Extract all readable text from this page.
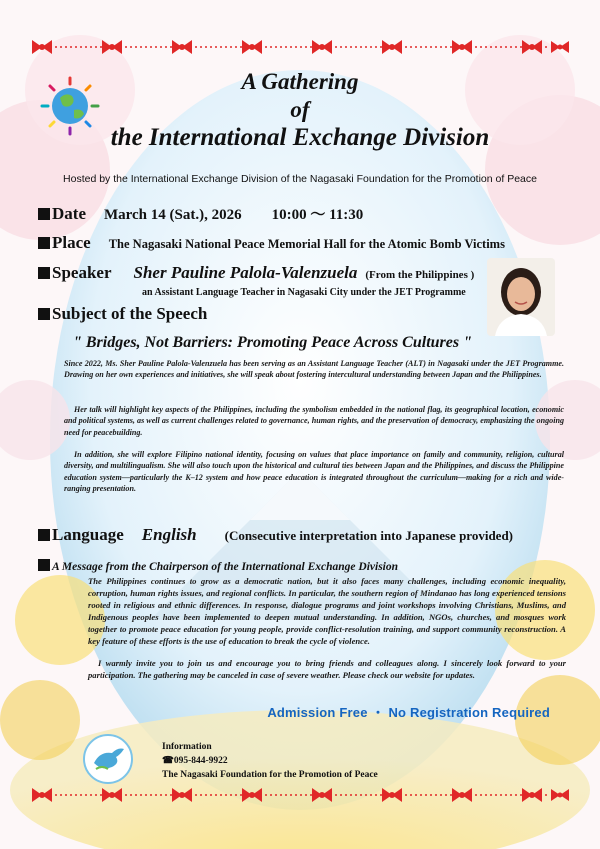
A Gathering
of
the International Exchange Division
Hosted by the International Exchange Division of the Nagasaki Foundation for the Promotion of Peace
Date March 14 (Sat.), 2026 10:00 〜 11:30
Place The Nagasaki National Peace Memorial Hall for the Atomic Bomb Victims
Speaker Sher Pauline Palola-Valenzuela (From the Philippines )
an Assistant Language Teacher in Nagasaki City under the JET Programme
Subject of the Speech
" Bridges, Not Barriers: Promoting Peace Across Cultures "
Since 2022, Ms. Sher Pauline Palola-Valenzuela has been serving as an Assistant Language Teacher (ALT) in Nagasaki under the JET Programme. Drawing on her own experiences and initiatives, she will speak about fostering intercultural understanding between Japan and the Philippines.
Her talk will highlight key aspects of the Philippines, including the symbolism embedded in the national flag, its geographical location, economic and political systems, as well as current challenges related to governance, human rights, and the preservation of democracy, emphasizing the ongoing need for peacebuilding.
In addition, she will explore Filipino national identity, focusing on values that place importance on family and community, religion, cultural diversity, and multilingualism. She will also touch upon the historical and cultural ties between Japan and the Philippines, and discuss the Philippine education system—particularly the K–12 system and how peace education is integrated throughout the curriculum—making for a rich and wide-ranging presentation.
Language English (Consecutive interpretation into Japanese provided)
A Message from the Chairperson of the International Exchange Division
The Philippines continues to grow as a democratic nation, but it also faces many challenges, including economic inequality, corruption, human rights issues, and regional conflicts. In particular, the southern region of Mindanao has long experienced tensions rooted in religious and ethnic differences. In response, dialogue programs and joint workshops involving Christians, Muslims, and Indigenous peoples have been implemented to deepen mutual understanding. In addition, NGOs, churches, and mosques work together to promote peace education for young people, provide conflict-resolution training, and support community reconstruction. A key feature of these efforts is the use of education to break the cycle of violence.
I warmly invite you to join us and encourage you to bring friends and colleagues along. I sincerely look forward to your participation. The gathering may be canceled in case of severe weather. Please check our website for updates.
Admission Free ・ No Registration Required
Information
☎095-844-9922
The Nagasaki Foundation for the Promotion of Peace
